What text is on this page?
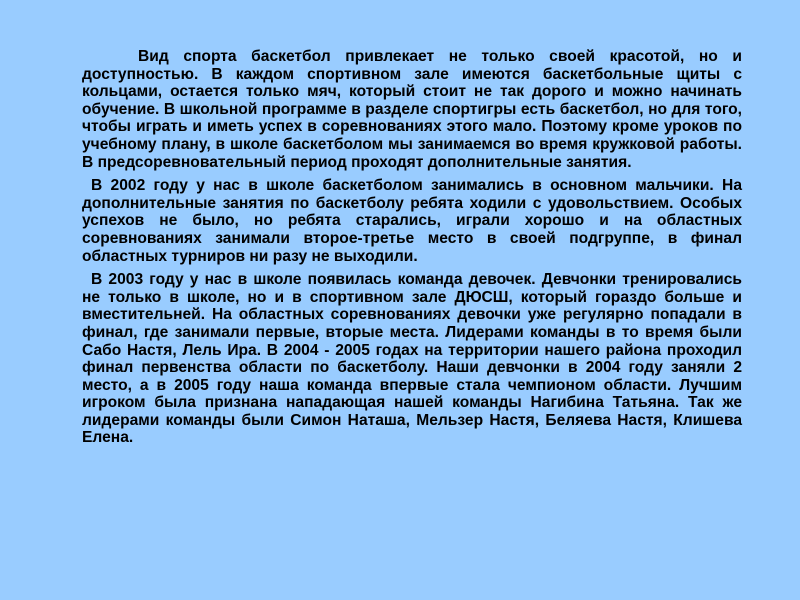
Вид спорта баскетбол привлекает не только своей красотой, но и доступностью. В каждом спортивном зале имеются баскетбольные щиты с кольцами, остается только мяч, который стоит не так дорого и можно начинать обучение. В школьной программе в разделе спортигры есть баскетбол, но для того, чтобы играть и иметь успех в соревнованиях этого мало. Поэтому кроме уроков по учебному плану, в школе баскетболом мы занимаемся во время кружковой работы. В предсоревновательный период проходят дополнительные занятия.

В 2002 году у нас в школе баскетболом занимались в основном мальчики. На дополнительные занятия по баскетболу ребята ходили с удовольствием. Особых успехов не было, но ребята старались, играли хорошо и на областных соревнованиях занимали второе-третье место в своей подгруппе, в финал областных турниров ни разу не выходили.

В 2003 году у нас в школе появилась команда девочек. Девчонки тренировались не только в школе, но и в спортивном зале ДЮСШ, который гораздо больше и вместительней. На областных соревнованиях девочки уже регулярно попадали в финал, где занимали первые, вторые места. Лидерами команды в то время были Сабо Настя, Лель Ира. В 2004 - 2005 годах на территории нашего района проходил финал первенства области по баскетболу. Наши девчонки в 2004 году заняли 2 место, а в 2005 году наша команда впервые стала чемпионом области. Лучшим игроком была признана нападающая нашей команды Нагибина Татьяна. Так же лидерами команды были Симон Наташа, Мельзер Настя, Беляева Настя, Клишева Елена.
